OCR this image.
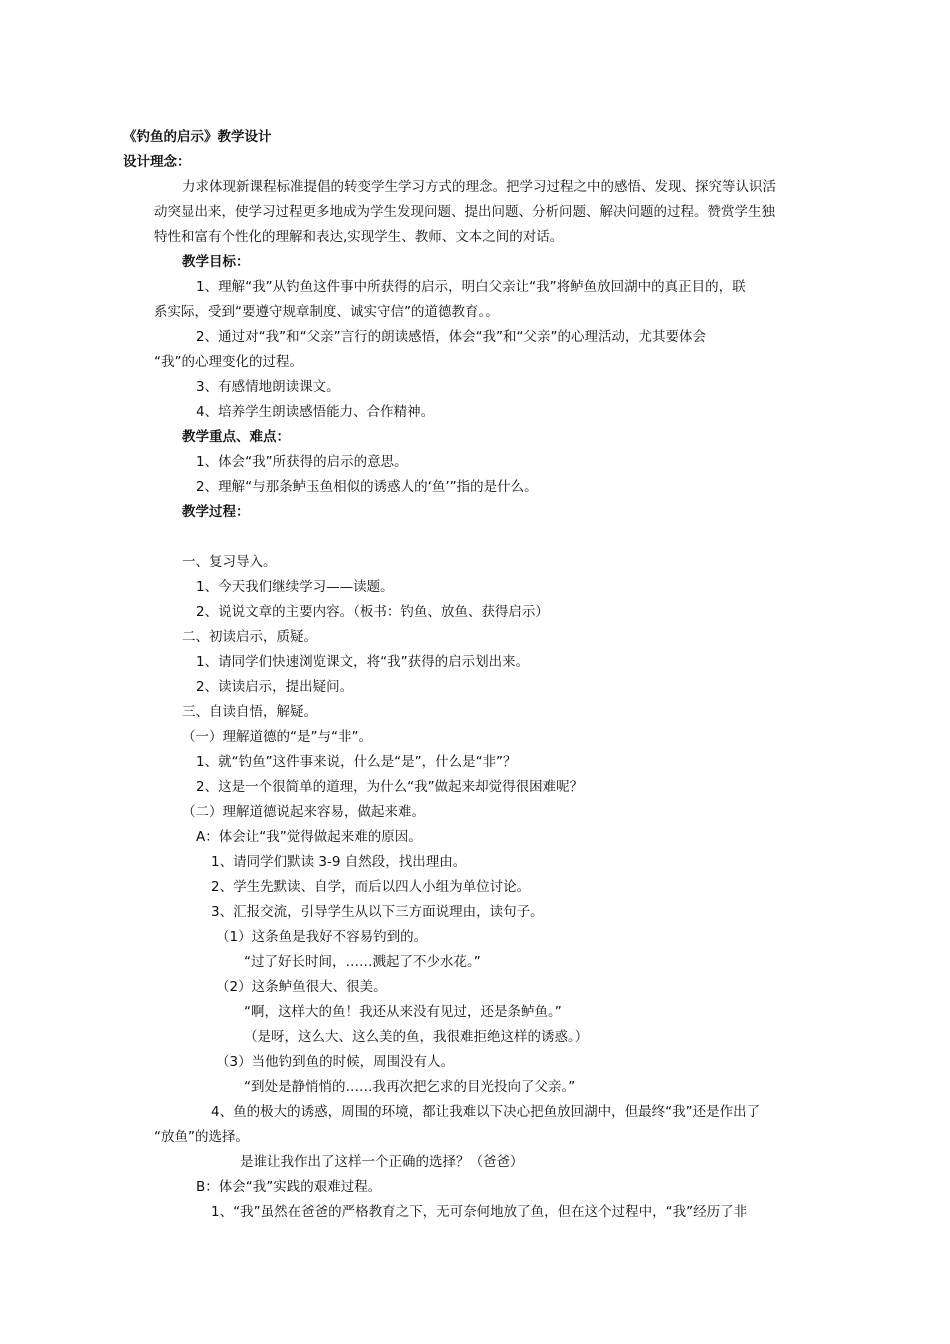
《钓鱼的启示》教学设计
设计理念：
力求体现新课程标准提倡的转变学生学习方式的理念。把学习过程之中的感悟、发现、探究等认识活
动突显出来，使学习过程更多地成为学生发现问题、提出问题、分析问题、解决问题的过程。赞赏学生独
特性和富有个性化的理解和表达,实现学生、教师、文本之间的对话。
教学目标：
1、理解“我”从钓鱼这件事中所获得的启示，明白父亲让“我”将鲈鱼放回湖中的真正目的，联
系实际，受到“要遵守规章制度、诚实守信”的道德教育。。
2、通过对“我”和“父亲”言行的朗读感悟，体会“我”和“父亲”的心理活动，尤其要体会
“我”的心理变化的过程。
3、有感情地朗读课文。
4、培养学生朗读感悟能力、合作精神。
教学重点、难点：
1、体会“我”所获得的启示的意思。
2、理解“与那条鲈玉鱼相似的诱惑人的‘鱼’”指的是什么。
教学过程：
一、复习导入。
1、今天我们继续学习——读题。
2、说说文章的主要内容。（板书：钓鱼、放鱼、获得启示）
二、初读启示，质疑。
1、请同学们快速浏览课文，将“我”获得的启示划出来。
2、读读启示，提出疑问。
三、自读自悟，解疑。
（一）理解道德的“是”与“非”。
1、就“钓鱼”这件事来说，什么是“是”，什么是“非”？
2、这是一个很简单的道理，为什么“我”做起来却觉得很困难呢？
（二）理解道德说起来容易，做起来难。
A：体会让“我”觉得做起来难的原因。
1、请同学们默读 3-9 自然段，找出理由。
2、学生先默读、自学，而后以四人小组为单位讨论。
3、汇报交流，引导学生从以下三方面说理由，读句子。
（1）这条鱼是我好不容易钓到的。
“过了好长时间，……溅起了不少水花。”
（2）这条鲈鱼很大、很美。
“啊，这样大的鱼！我还从来没有见过，还是条鲈鱼。”
（是呀，这么大、这么美的鱼，我很难拒绝这样的诱惑。）
（3）当他钓到鱼的时候，周围没有人。
“到处是静悄悄的……我再次把乞求的目光投向了父亲。”
4、鱼的极大的诱惑，周围的环境，都让我难以下决心把鱼放回湖中，但最终“我”还是作出了
“放鱼”的选择。
是谁让我作出了这样一个正确的选择？（爸爸）
B：体会“我”实践的艰难过程。
1、“我”虽然在爸爸的严格教育之下，无可奈何地放了鱼，但在这个过程中，“我”经历了非
